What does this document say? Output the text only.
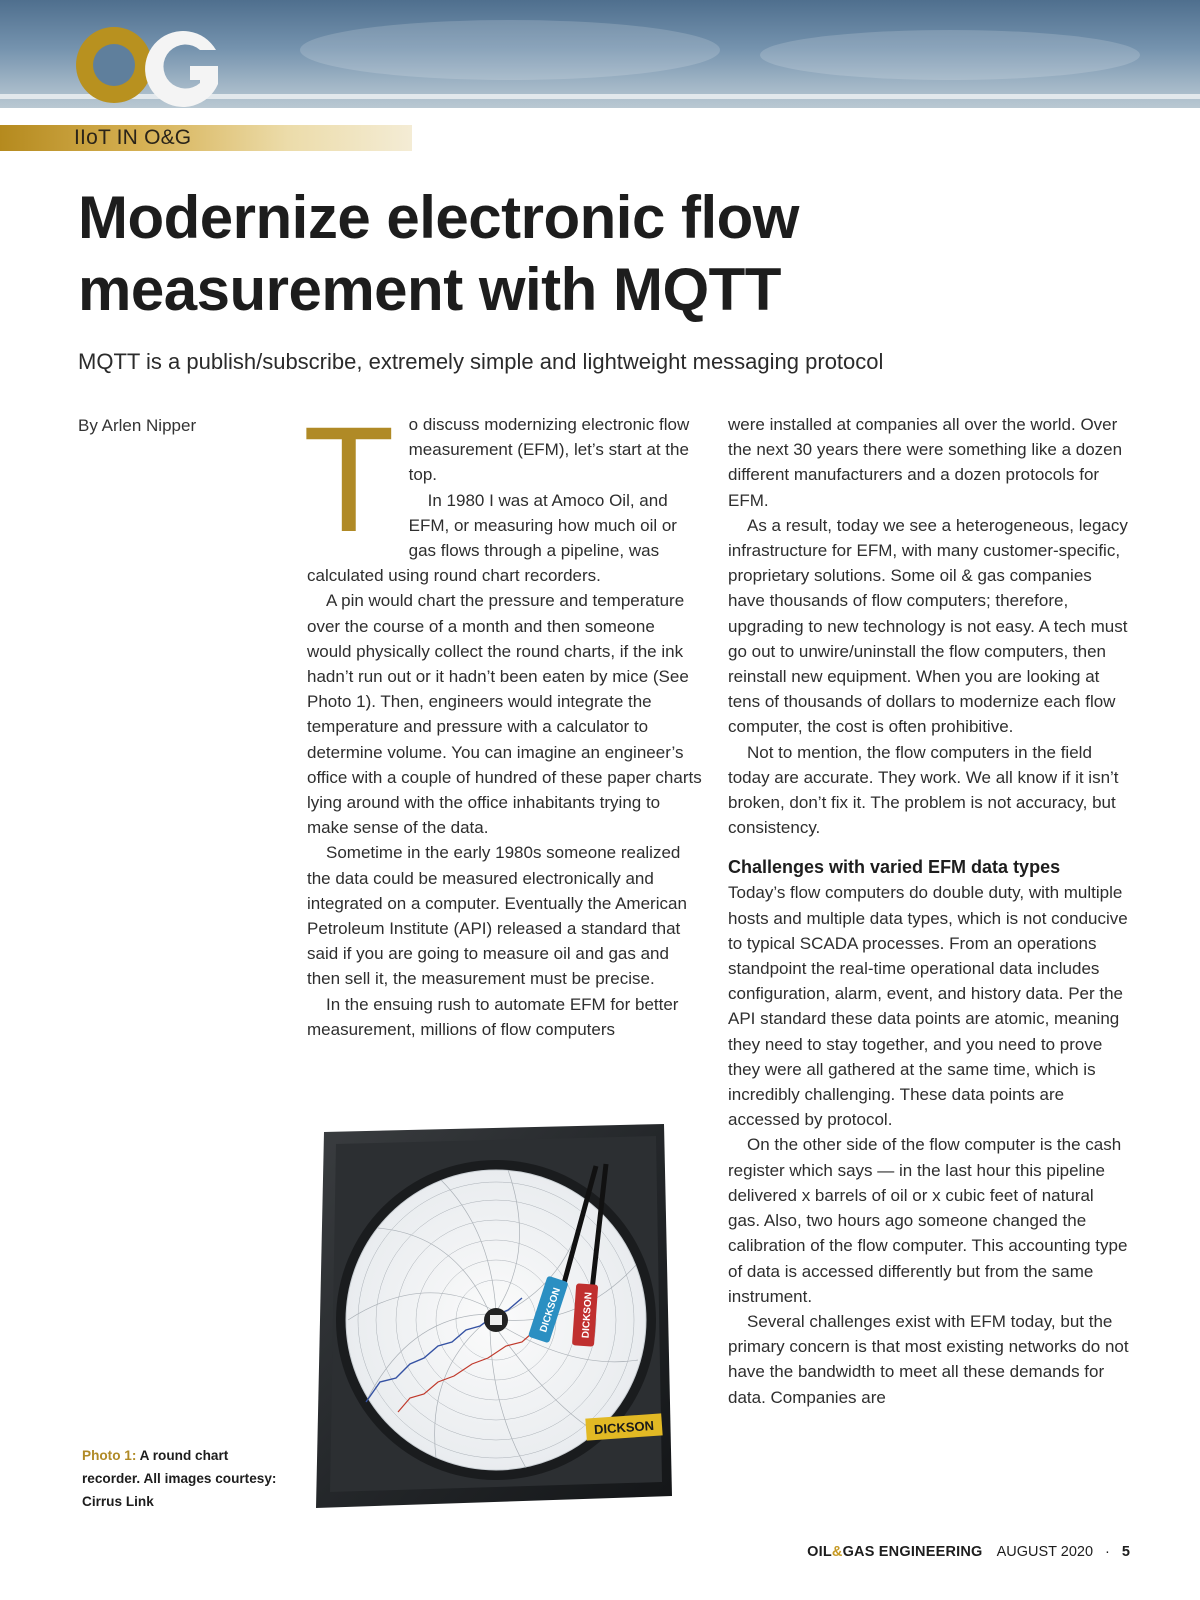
IIoT IN O&G
Modernize electronic flow measurement with MQTT

MQTT is a publish/subscribe, extremely simple and lightweight messaging protocol

By Arlen Nipper T o discuss modernizing electronic flow measurement (EFM), let’s start at the top.

In 1980 I was at Amoco Oil, and EFM, or measuring how much oil or gas flows through a pipeline, was calculated using round chart recorders.

A pin would chart the pressure and temperature over the course of a month and then someone would physically collect the round charts, if the ink hadn’t run out or it hadn’t been eaten by mice (See Photo 1). Then, engineers would integrate the temperature and pressure with a calculator to determine volume. You can imagine an engineer’s office with a couple of hundred of these paper charts lying around with the office inhabitants trying to make sense of the data.

Sometime in the early 1980s someone realized the data could be measured electronically and integrated on a computer. Eventually the American Petroleum Institute (API) released a standard that said if you are going to measure oil and gas and then sell it, the measurement must be precise.

In the ensuing rush to automate EFM for better measurement, millions of flow computers

were installed at companies all over the world. Over the next 30 years there were something like a dozen different manufacturers and a dozen protocols for EFM.

As a result, today we see a heterogeneous, legacy infrastructure for EFM, with many customer-specific, proprietary solutions. Some oil & gas companies have thousands of flow computers; therefore, upgrading to new technology is not easy. A tech must go out to unwire/uninstall the flow computers, then reinstall new equipment. When you are looking at tens of thousands of dollars to modernize each flow computer, the cost is often prohibitive.

Not to mention, the flow computers in the field today are accurate. They work. We all know if it isn’t broken, don’t fix it. The problem is not accuracy, but consistency.

Challenges with varied EFM data types

Today’s flow computers do double duty, with multiple hosts and multiple data types, which is not conducive to typical SCADA processes. From an operations standpoint the real-time operational data includes configuration, alarm, event, and history data. Per the API standard these data points are atomic, meaning they need to stay together, and you need to prove they were all gathered at the same time, which is incredibly challenging. These data points are accessed by protocol.

On the other side of the flow computer is the cash register which says — in the last hour this pipeline delivered x barrels of oil or x cubic feet of natural gas. Also, two hours ago someone changed the calibration of the flow computer. This accounting type of data is accessed differently but from the same instrument.

Several challenges exist with EFM today, but the primary concern is that most existing networks do not have the bandwidth to meet all these demands for data. Companies are

DICKSON DICKSON
DICKSON
Photo 1: A round chart recorder. All images courtesy: Cirrus Link
OIL&GAS ENGINEERING AUGUST 2020 · 5
